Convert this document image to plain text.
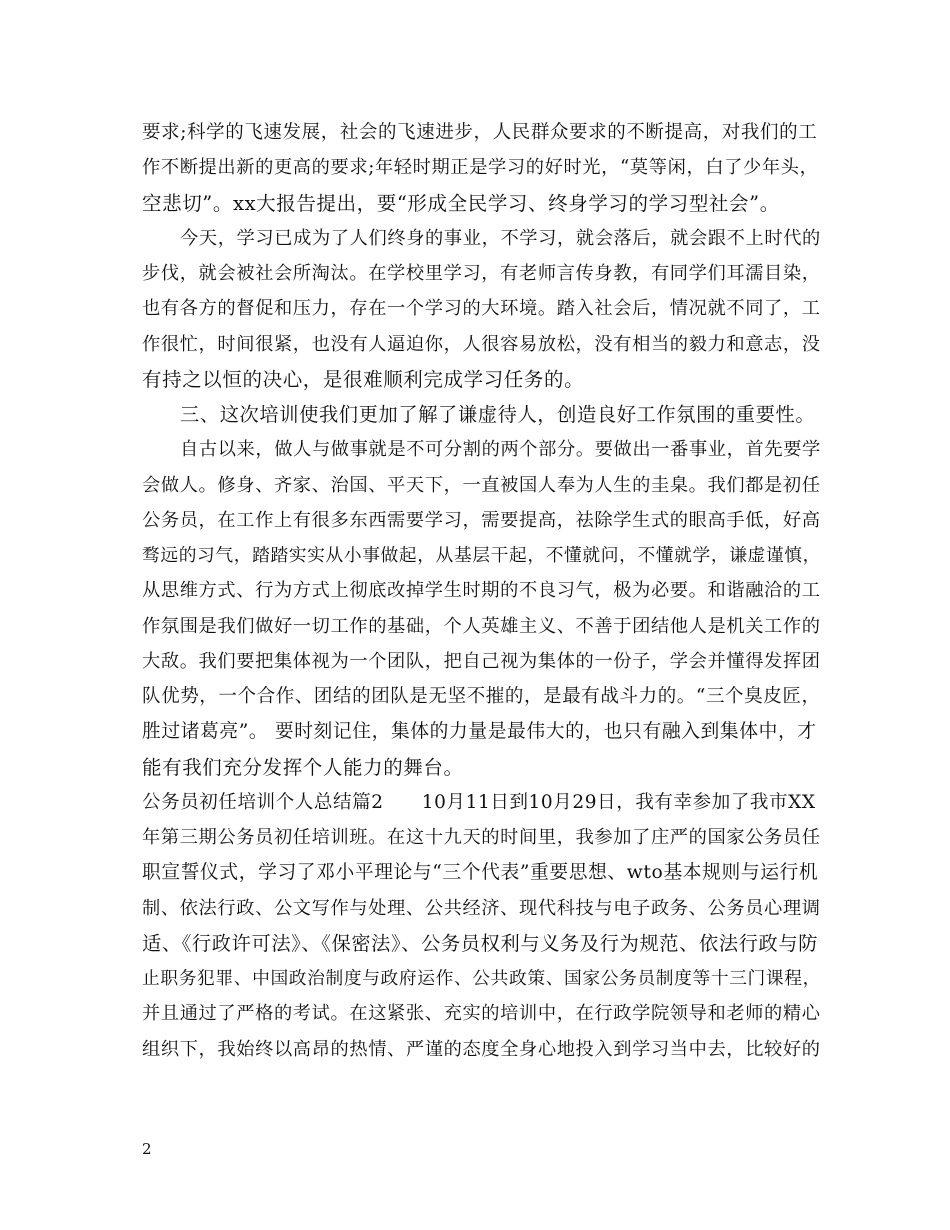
要求;科学的飞速发展，社会的飞速进步，人民群众要求的不断提高，对我们的工
作不断提出新的更高的要求;年轻时期正是学习的好时光，“莫等闲，白了少年头，
空悲切”。xx大报告提出，要“形成全民学习、终身学习的学习型社会”。
今天，学习已成为了人们终身的事业，不学习，就会落后，就会跟不上时代的
步伐，就会被社会所淘汰。在学校里学习，有老师言传身教，有同学们耳濡目染，
也有各方的督促和压力，存在一个学习的大环境。踏入社会后，情况就不同了，工
作很忙，时间很紧，也没有人逼迫你，人很容易放松，没有相当的毅力和意志，没
有持之以恒的决心，是很难顺利完成学习任务的。
三、这次培训使我们更加了解了谦虚待人，创造良好工作氛围的重要性。
自古以来，做人与做事就是不可分割的两个部分。要做出一番事业，首先要学
会做人。修身、齐家、治国、平天下，一直被国人奉为人生的圭臬。我们都是初任
公务员，在工作上有很多东西需要学习，需要提高，祛除学生式的眼高手低，好高
骛远的习气，踏踏实实从小事做起，从基层干起，不懂就问，不懂就学，谦虚谨慎，
从思维方式、行为方式上彻底改掉学生时期的不良习气，极为必要。和谐融洽的工
作氛围是我们做好一切工作的基础，个人英雄主义、不善于团结他人是机关工作的
大敌。我们要把集体视为一个团队，把自己视为集体的一份子，学会并懂得发挥团
队优势，一个合作、团结的团队是无坚不摧的，是最有战斗力的。“三个臭皮匠，
胜过诸葛亮”。 要时刻记住，集体的力量是最伟大的，也只有融入到集体中，才
能有我们充分发挥个人能力的舞台。
公务员初任培训个人总结篇2　　10月11日到10月29日，我有幸参加了我市XX
年第三期公务员初任培训班。在这十九天的时间里，我参加了庄严的国家公务员任
职宣誓仪式，学习了邓小平理论与“三个代表”重要思想、wto基本规则与运行机
制、依法行政、公文写作与处理、公共经济、现代科技与电子政务、公务员心理调
适、《行政许可法》、《保密法》、公务员权利与义务及行为规范、依法行政与防
止职务犯罪、中国政治制度与政府运作、公共政策、国家公务员制度等十三门课程，
并且通过了严格的考试。在这紧张、充实的培训中，在行政学院领导和老师的精心
组织下，我始终以高昂的热情、严谨的态度全身心地投入到学习当中去，比较好的
2
